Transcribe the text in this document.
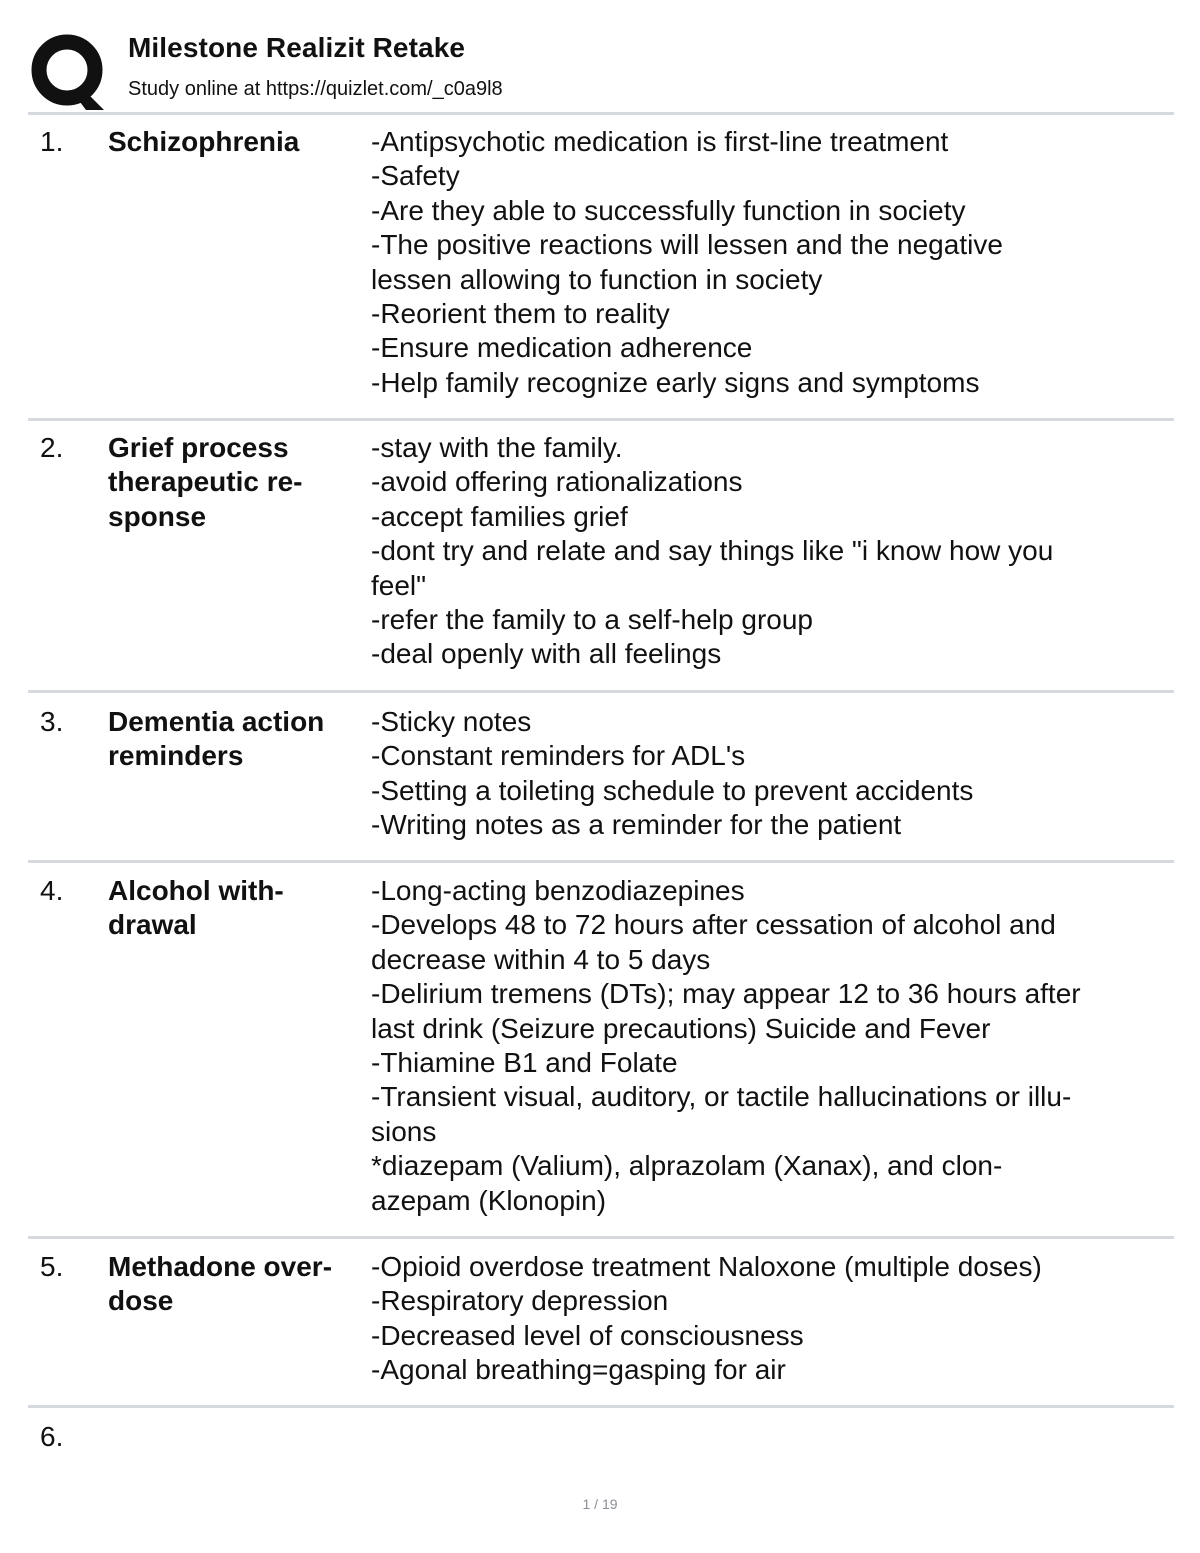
Milestone Realizit Retake
Study online at https://quizlet.com/_c0a9l8
1. Schizophrenia	-Antipsychotic medication is first-line treatment
-Safety
-Are they able to successfully function in society
-The positive reactions will lessen and the negative
lessen allowing to function in society
-Reorient them to reality
-Ensure medication adherence
-Help family recognize early signs and symptoms
2. Grief process
therapeutic re-
sponse
-stay with the family.
-avoid offering rationalizations
-accept families grief
-dont try and relate and say things like "i know how you
feel"
-refer the family to a self-help group
-deal openly with all feelings
3. Dementia action
reminders
-Sticky notes
-Constant reminders for ADL's
-Setting a toileting schedule to prevent accidents
-Writing notes as a reminder for the patient
4. Alcohol with-
drawal
-Long-acting benzodiazepines
-Develops 48 to 72 hours after cessation of alcohol and
decrease within 4 to 5 days
-Delirium tremens (DTs); may appear 12 to 36 hours after
last drink (Seizure precautions) Suicide and Fever
-Thiamine B1 and Folate
-Transient visual, auditory, or tactile hallucinations or illu-
sions
*diazepam (Valium), alprazolam (Xanax), and clon-
azepam (Klonopin)
5. Methadone over-
dose
-Opioid overdose treatment Naloxone (multiple doses)
-Respiratory depression
-Decreased level of consciousness
-Agonal breathing=gasping for air
6.
1 / 19
